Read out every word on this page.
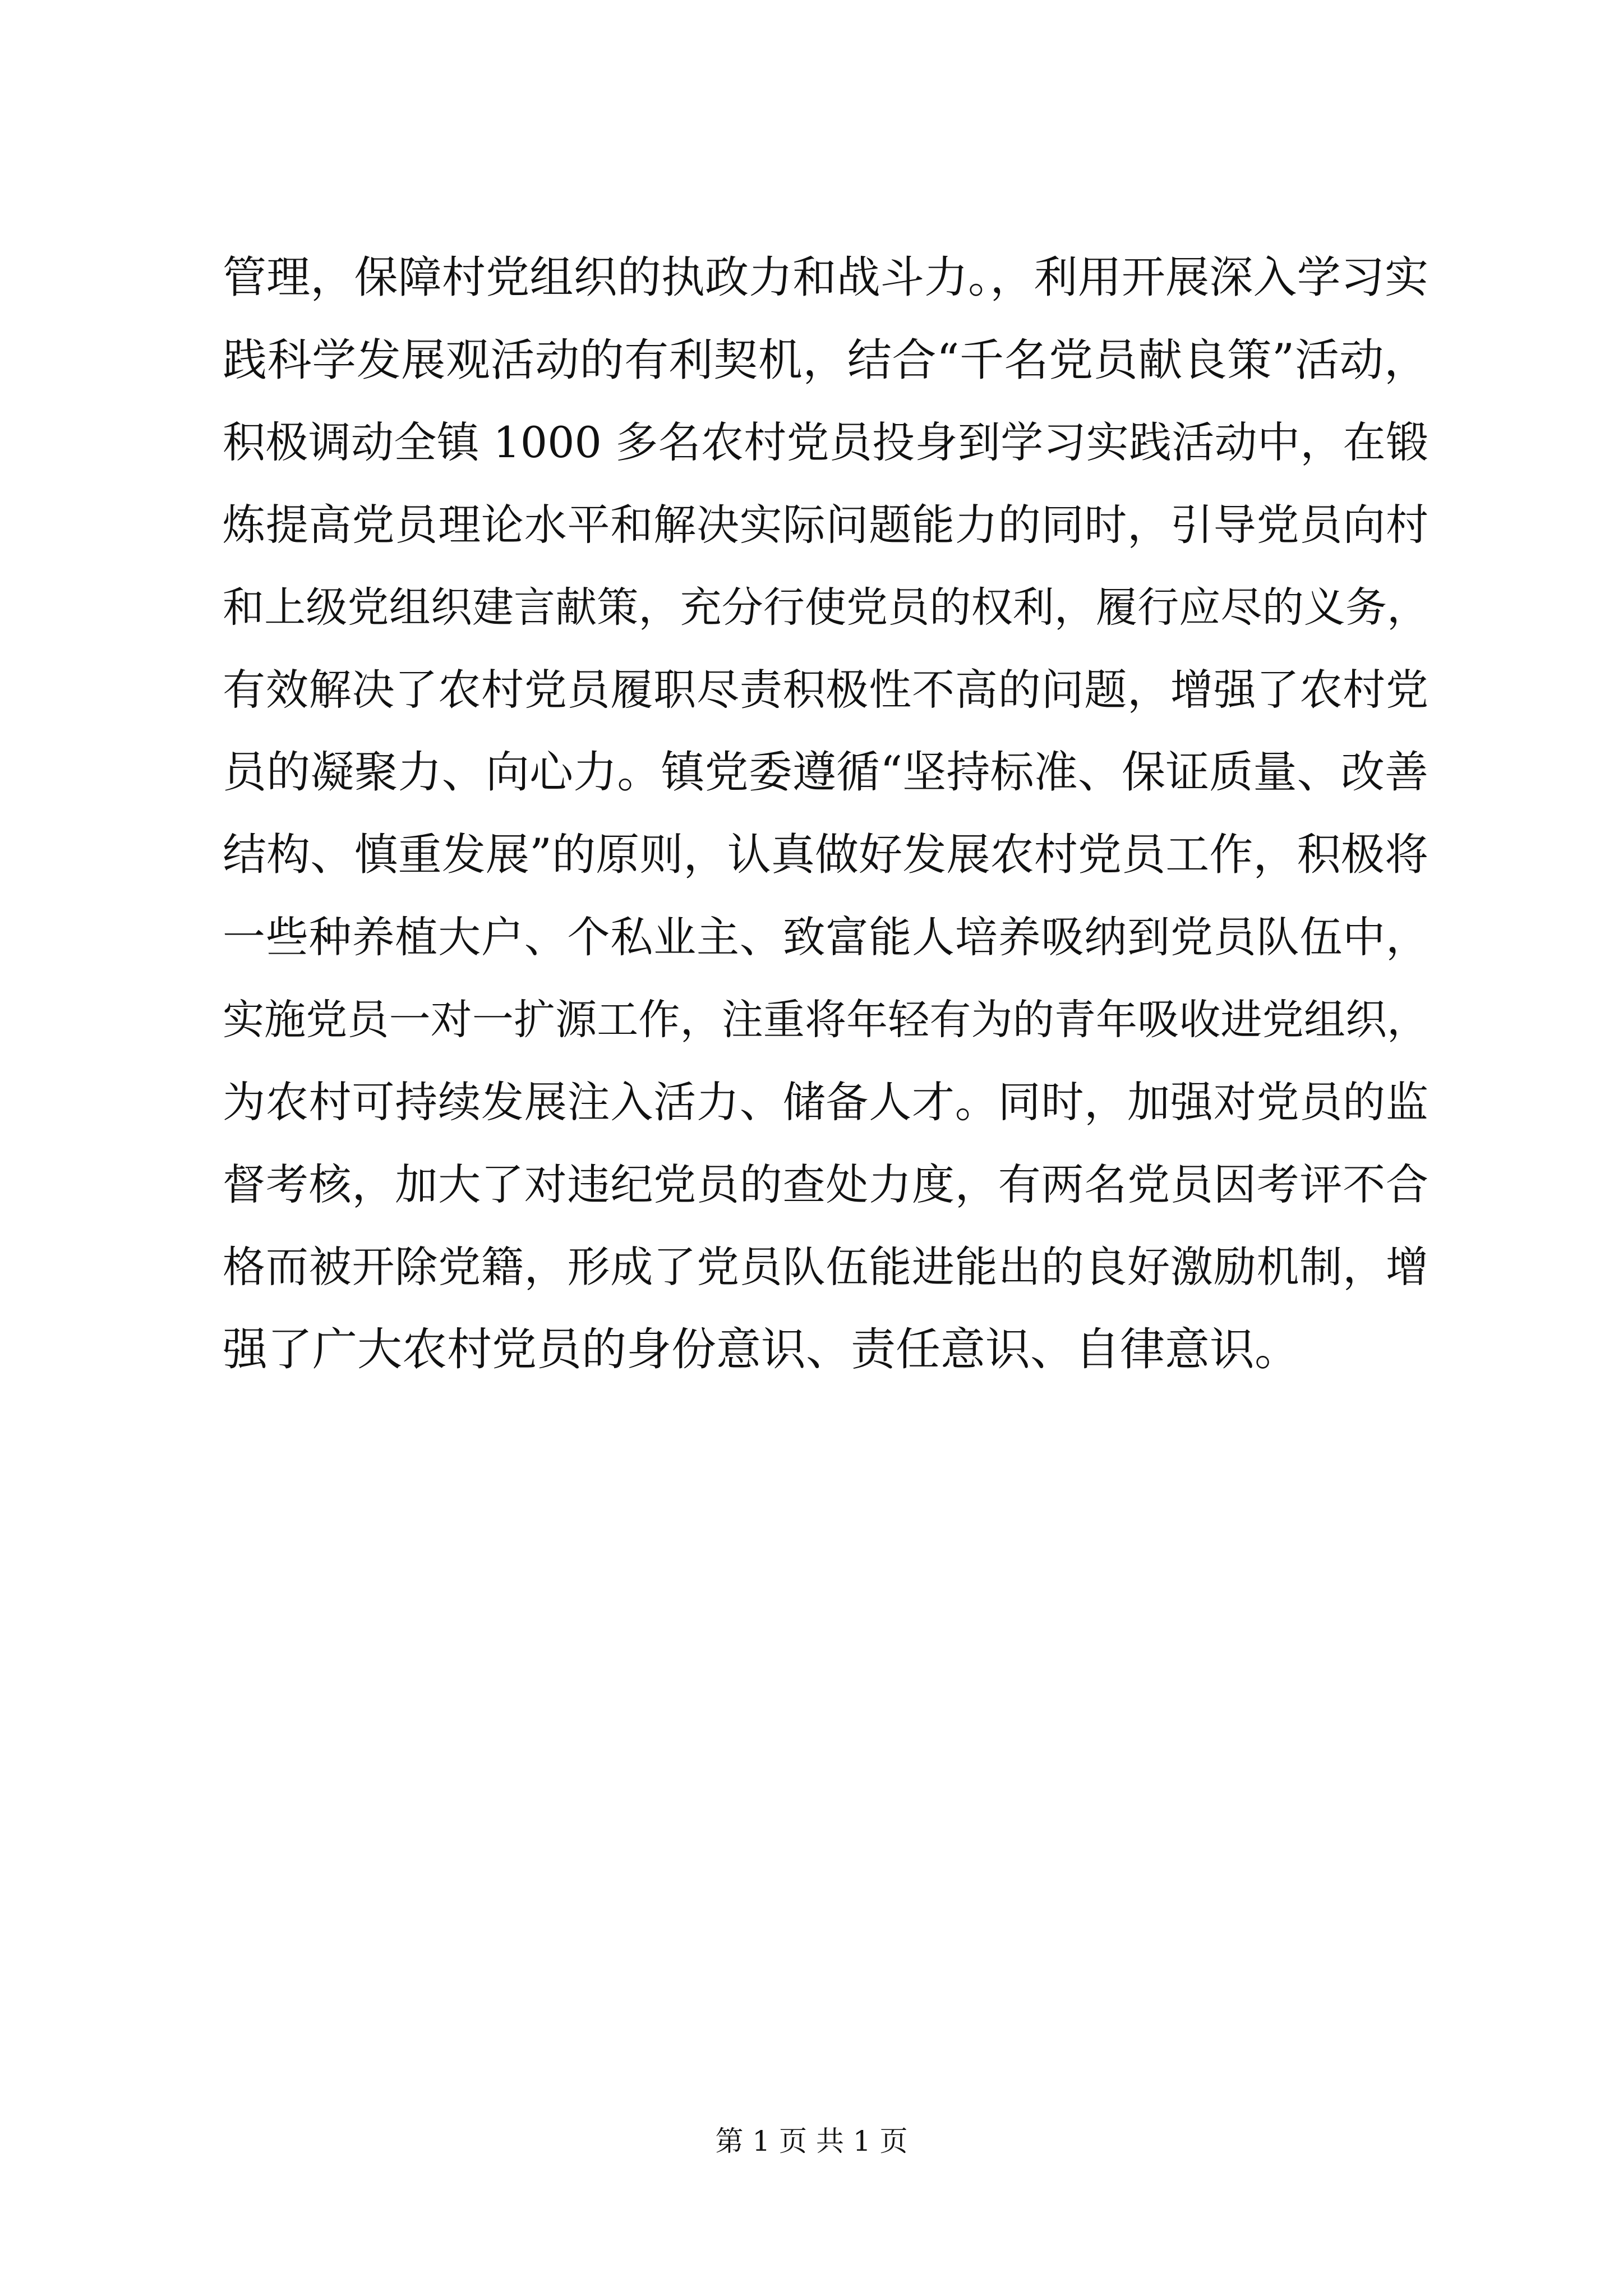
管理，保障村党组织的执政力和战斗力。，利用开展深入学习实
践科学发展观活动的有利契机，结合“千名党员献良策”活动，
积极调动全镇 1000 多名农村党员投身到学习实践活动中，在锻
炼提高党员理论水平和解决实际问题能力的同时，引导党员向村
和上级党组织建言献策，充分行使党员的权利，履行应尽的义务，
有效解决了农村党员履职尽责积极性不高的问题，增强了农村党
员的凝聚力、向心力。镇党委遵循“坚持标准、保证质量、改善
结构、慎重发展”的原则，认真做好发展农村党员工作，积极将
一些种养植大户、个私业主、致富能人培养吸纳到党员队伍中，
实施党员一对一扩源工作，注重将年轻有为的青年吸收进党组织，
为农村可持续发展注入活力、储备人才。同时，加强对党员的监
督考核，加大了对违纪党员的查处力度，有两名党员因考评不合
格而被开除党籍，形成了党员队伍能进能出的良好激励机制，增
强了广大农村党员的身份意识、责任意识、自律意识。
第 1 页 共 1 页
